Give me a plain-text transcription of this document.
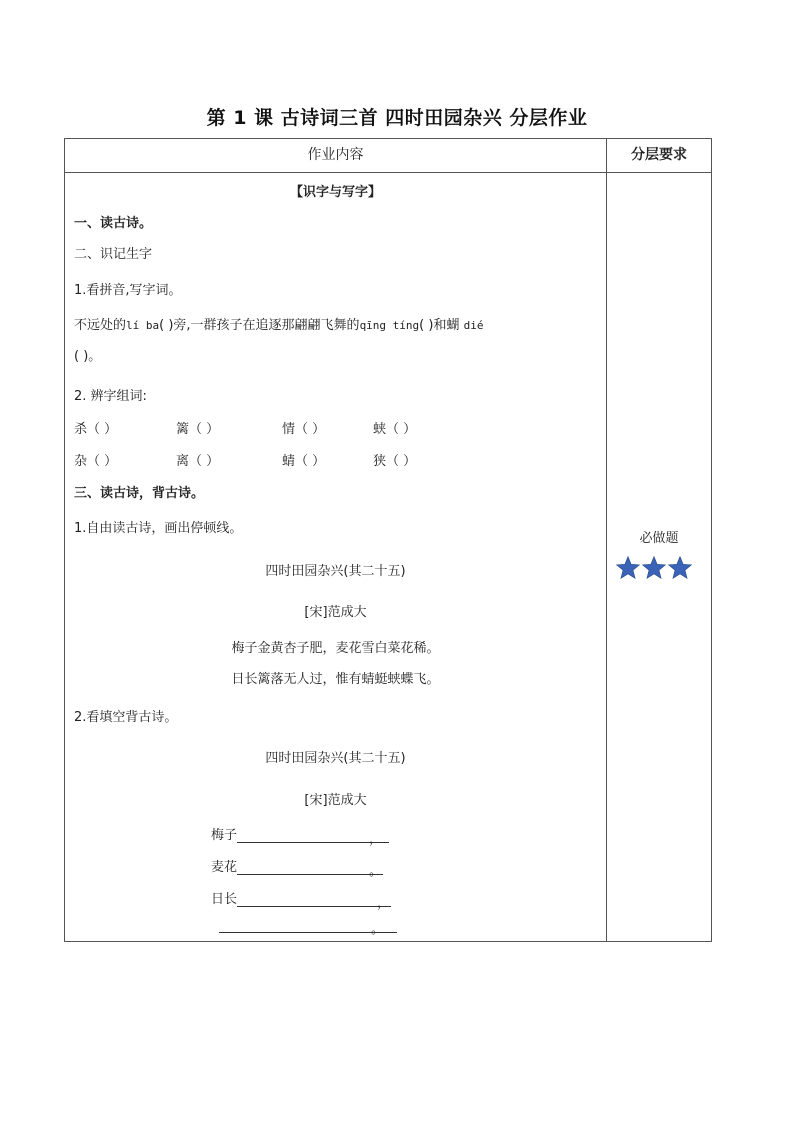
第 1 课 古诗词三首 四时田园杂兴 分层作业
作业内容	分层要求
【识字与写字】
一、读古诗。
二、识记生字
1.看拼音,写字词。
不远处的lí ba( )旁,一群孩子在追逐那翩翩飞舞的qīng tíng( )和蝴 dié
( )。
2. 辨字组词:
杀（ ）	篱（ ）	情（ ）	蛱（ ）
杂（ ）	离（ ）	蜻（ ）	狭（ ）
三、读古诗，背古诗。
1.自由读古诗，画出停顿线。
四时田园杂兴(其二十五)
[宋]范成大
梅子金黄杏子肥，麦花雪白菜花稀。
日长篱落无人过，惟有蜻蜓蛱蝶飞。
2.看填空背古诗。
四时田园杂兴(其二十五)
[宋]范成大
梅子	，
麦花	。
日长	，
。
必做题
